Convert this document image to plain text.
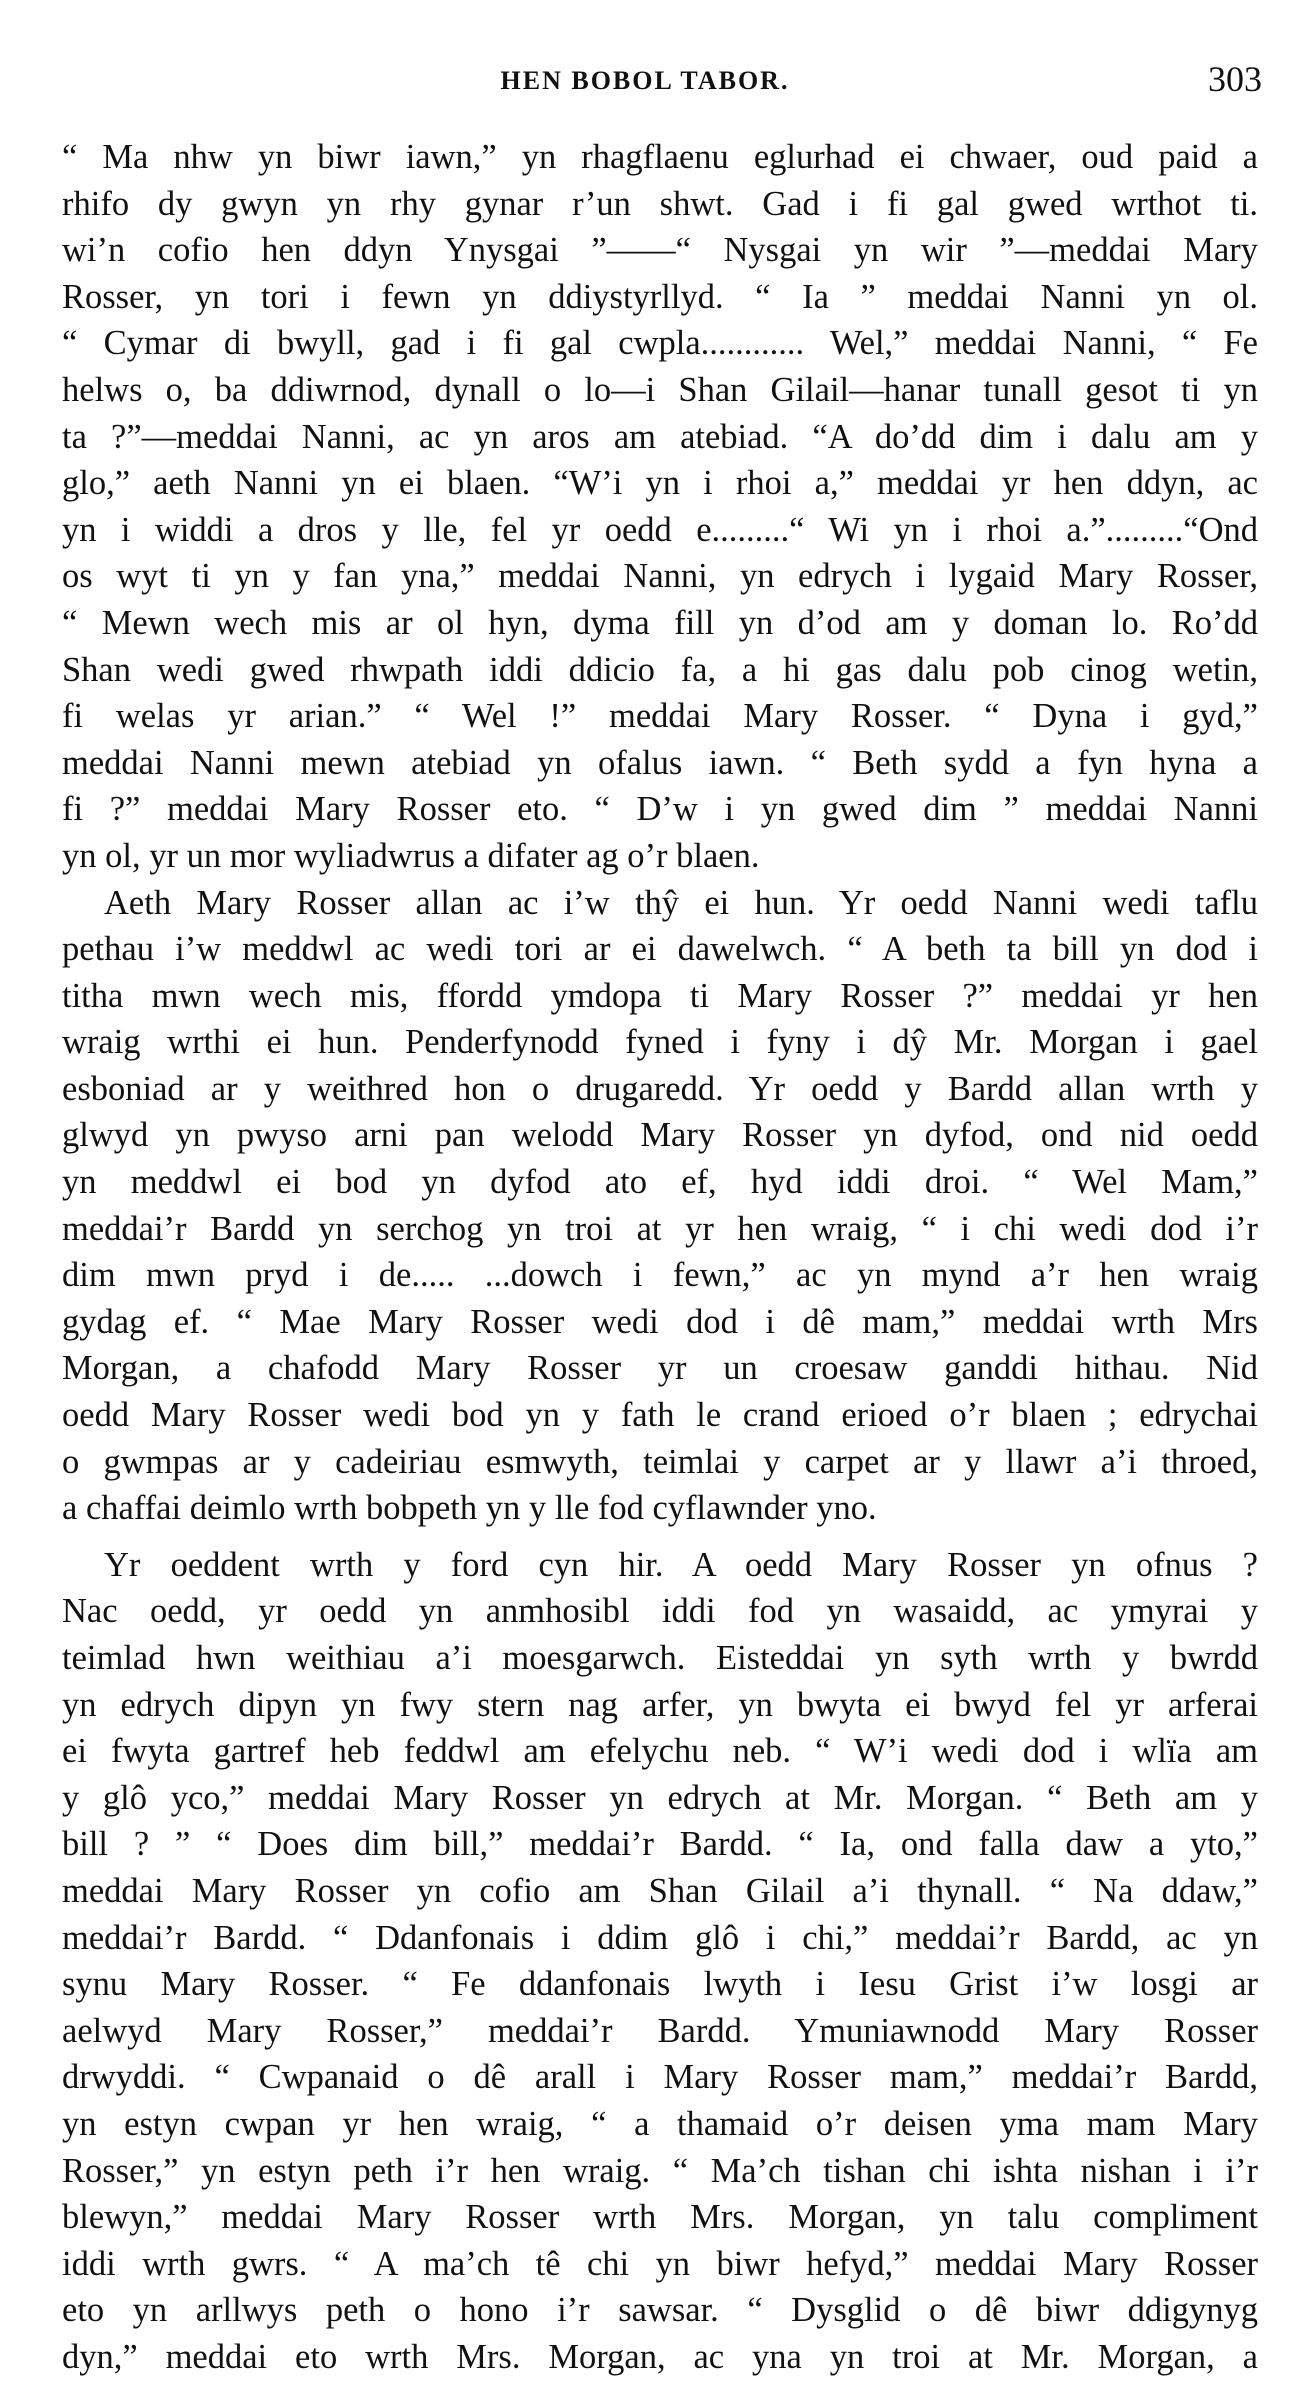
HEN BOBOL TABOR.	303
“ Ma nhw yn biwr iawn,” yn rhagflaenu eglurhad ei chwaer, oud paid a
rhifo dy gwyn yn rhy gynar r’un shwt. Gad i fi gal gwed wrthot ti.
wi’n cofio hen ddyn Ynysgai ”——“ Nysgai yn wir ”—meddai Mary
Rosser, yn tori i fewn yn ddiystyrllyd. “ Ia ” meddai Nanni yn ol.
“ Cymar di bwyll, gad i fi gal cwpla............ Wel,” meddai Nanni, “ Fe
helws o, ba ddiwrnod, dynall o lo—i Shan Gilail—hanar tunall gesot ti yn
ta ?”—meddai Nanni, ac yn aros am atebiad. “A do’dd dim i dalu am y
glo,” aeth Nanni yn ei blaen. “W’i yn i rhoi a,” meddai yr hen ddyn, ac
yn i widdi a dros y lle, fel yr oedd e.........“ Wi yn i rhoi a.”.........“Ond
os wyt ti yn y fan yna,” meddai Nanni, yn edrych i lygaid Mary Rosser,
“ Mewn wech mis ar ol hyn, dyma fill yn d’od am y doman lo. Ro’dd
Shan wedi gwed rhwpath iddi ddicio fa, a hi gas dalu pob cinog wetin,
fi welas yr arian.” “ Wel !” meddai Mary Rosser. “ Dyna i gyd,”
meddai Nanni mewn atebiad yn ofalus iawn. “ Beth sydd a fyn hyna a
fi ?” meddai Mary Rosser eto. “ D’w i yn gwed dim ” meddai Nanni
yn ol, yr un mor wyliadwrus a difater ag o’r blaen.
Aeth Mary Rosser allan ac i’w thŷ ei hun. Yr oedd Nanni wedi taflu
pethau i’w meddwl ac wedi tori ar ei dawelwch. “ A beth ta bill yn dod i
titha mwn wech mis, ffordd ymdopa ti Mary Rosser ?” meddai yr hen
wraig wrthi ei hun. Penderfynodd fyned i fyny i dŷ Mr. Morgan i gael
esboniad ar y weithred hon o drugaredd. Yr oedd y Bardd allan wrth y
glwyd yn pwyso arni pan welodd Mary Rosser yn dyfod, ond nid oedd
yn meddwl ei bod yn dyfod ato ef, hyd iddi droi. “ Wel Mam,”
meddai’r Bardd yn serchog yn troi at yr hen wraig, “ i chi wedi dod i’r
dim mwn pryd i de..... ...dowch i fewn,” ac yn mynd a’r hen wraig
gydag ef. “ Mae Mary Rosser wedi dod i dê mam,” meddai wrth Mrs
Morgan, a chafodd Mary Rosser yr un croesaw ganddi hithau. Nid
oedd Mary Rosser wedi bod yn y fath le crand erioed o’r blaen ; edrychai
o gwmpas ar y cadeiriau esmwyth, teimlai y carpet ar y llawr a’i throed,
a chaffai deimlo wrth bobpeth yn y lle fod cyflawnder yno.
Yr oeddent wrth y ford cyn hir. A oedd Mary Rosser yn ofnus ?
Nac oedd, yr oedd yn anmhosibl iddi fod yn wasaidd, ac ymyrai y
teimlad hwn weithiau a’i moesgarwch. Eisteddai yn syth wrth y bwrdd
yn edrych dipyn yn fwy stern nag arfer, yn bwyta ei bwyd fel yr arferai
ei fwyta gartref heb feddwl am efelychu neb. “ W’i wedi dod i wlïa am
y glô yco,” meddai Mary Rosser yn edrych at Mr. Morgan. “ Beth am y
bill ? ” “ Does dim bill,” meddai’r Bardd. “ Ia, ond falla daw a yto,”
meddai Mary Rosser yn cofio am Shan Gilail a’i thynall. “ Na ddaw,”
meddai’r Bardd. “ Ddanfonais i ddim glô i chi,” meddai’r Bardd, ac yn
synu Mary Rosser. “ Fe ddanfonais lwyth i Iesu Grist i’w losgi ar
aelwyd Mary Rosser,” meddai’r Bardd. Ymuniawnodd Mary Rosser
drwyddi. “ Cwpanaid o dê arall i Mary Rosser mam,” meddai’r Bardd,
yn estyn cwpan yr hen wraig, “ a thamaid o’r deisen yma mam Mary
Rosser,” yn estyn peth i’r hen wraig. “ Ma’ch tishan chi ishta nishan i i’r
blewyn,” meddai Mary Rosser wrth Mrs. Morgan, yn talu compliment
iddi wrth gwrs. “ A ma’ch tê chi yn biwr hefyd,” meddai Mary Rosser
eto yn arllwys peth o hono i’r sawsar. “ Dysglid o dê biwr ddigynyg
dyn,” meddai eto wrth Mrs. Morgan, ac yna yn troi at Mr. Morgan, a
